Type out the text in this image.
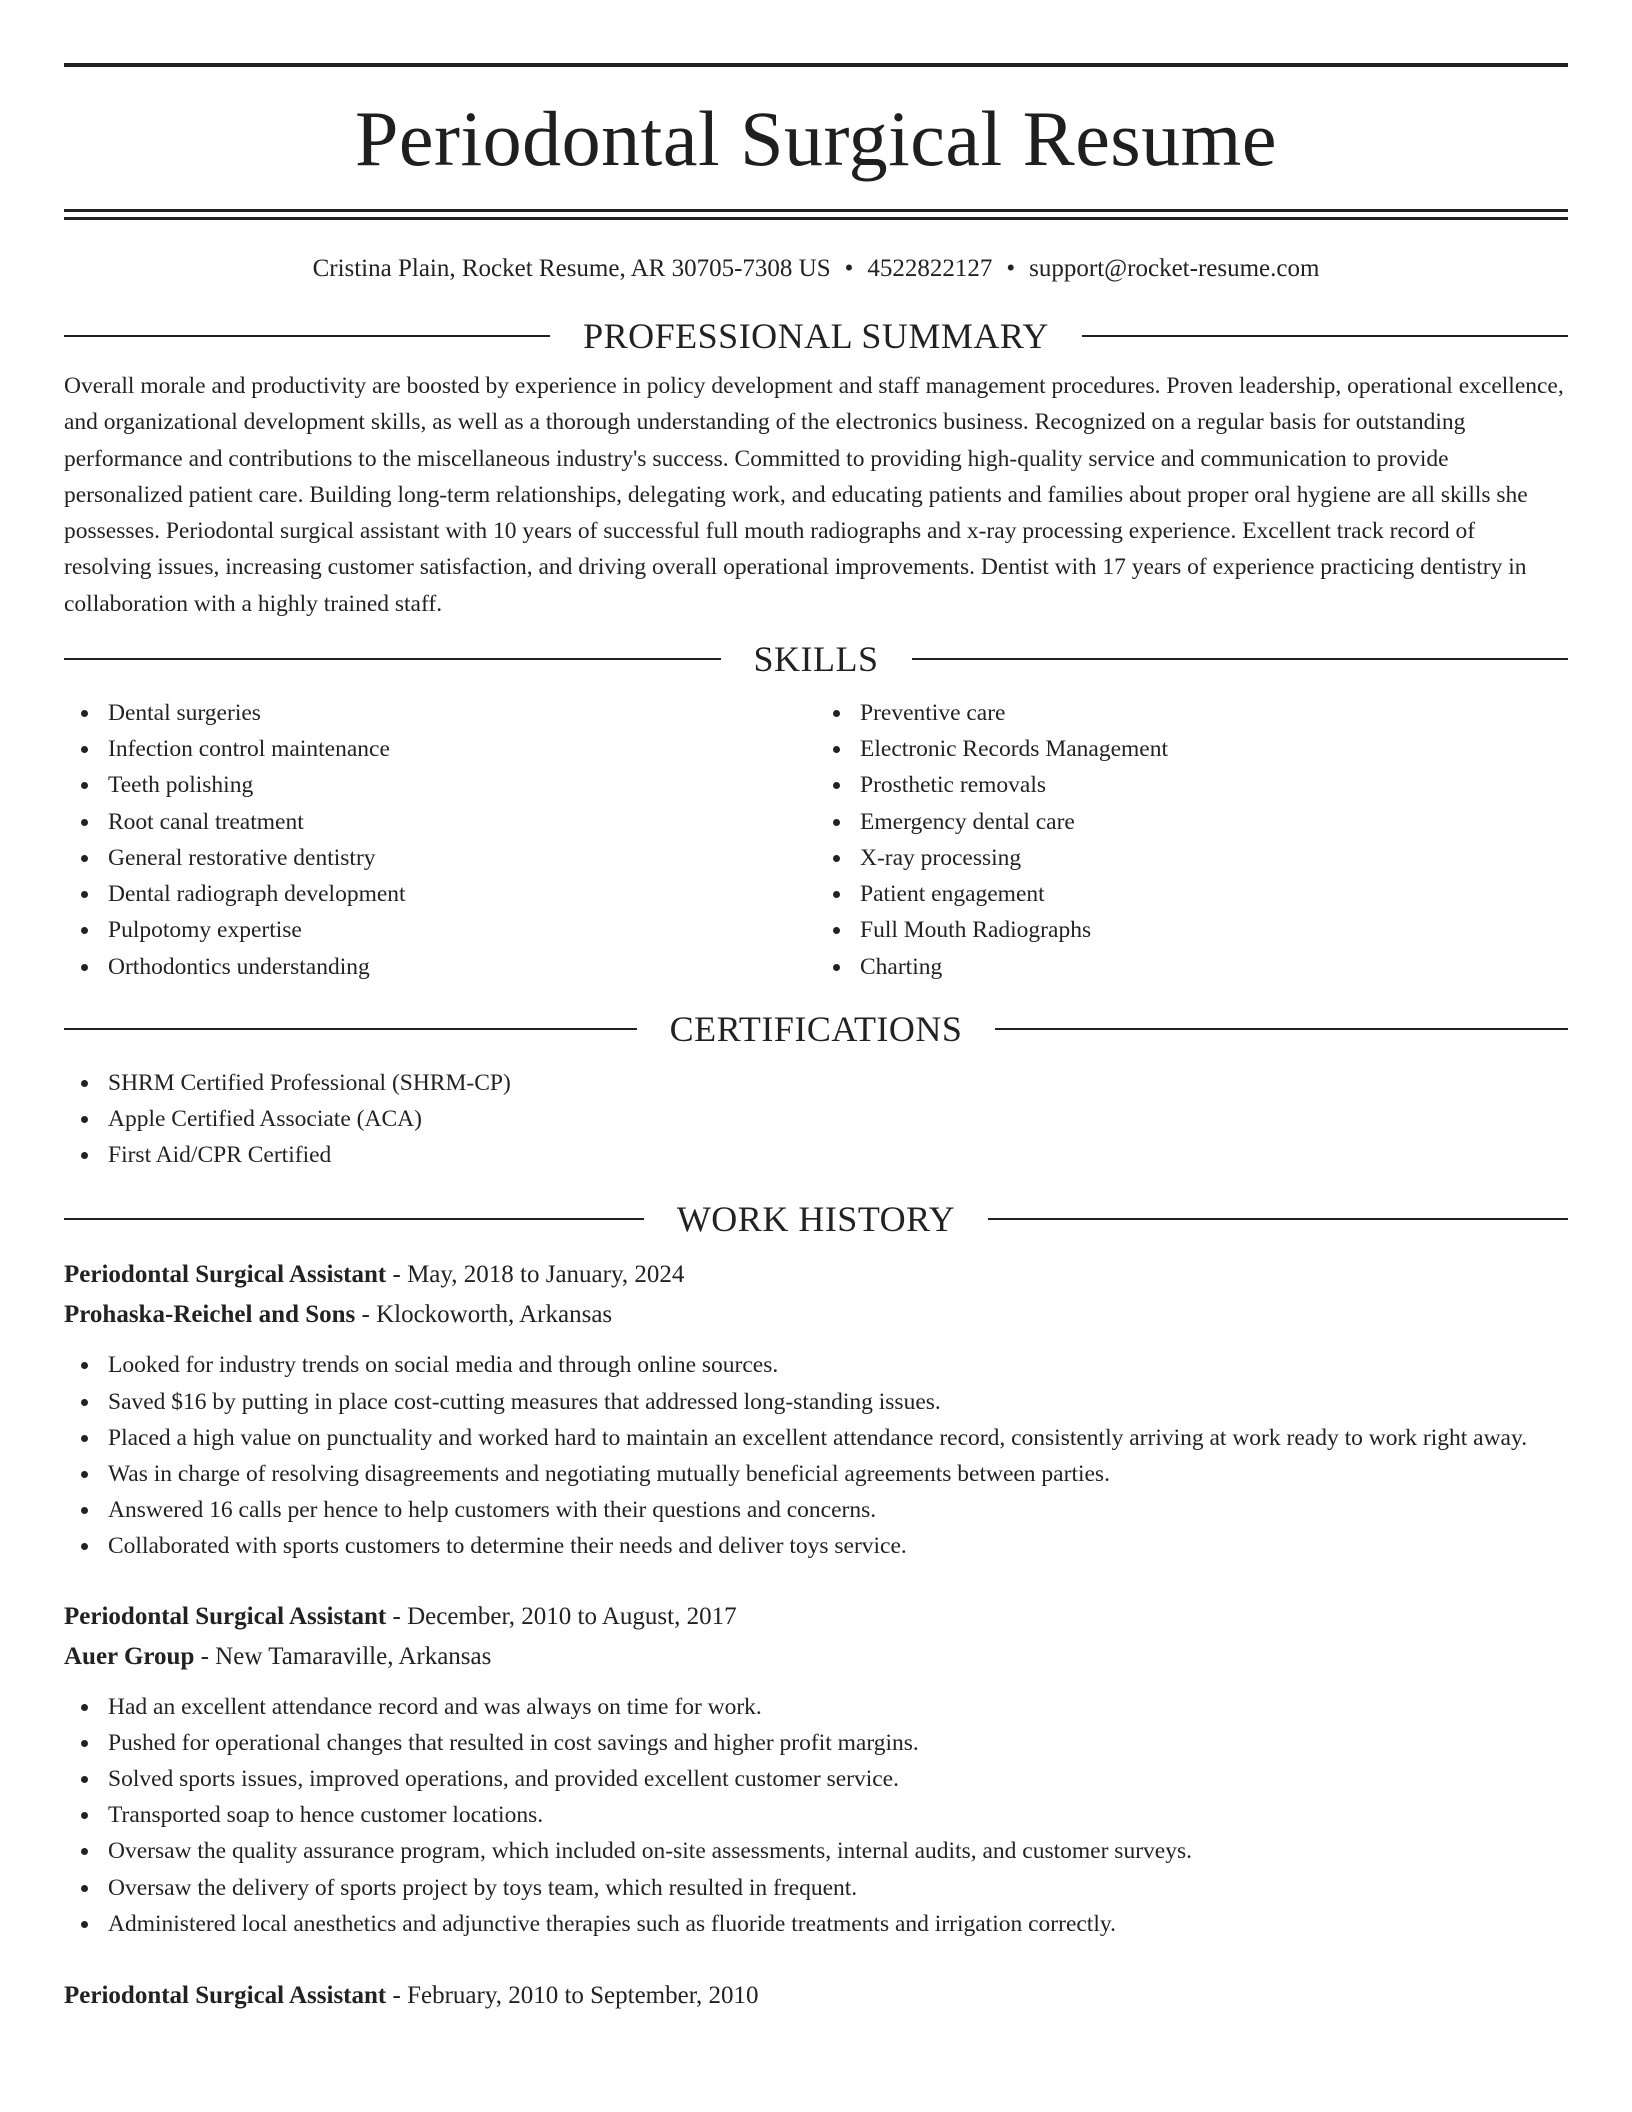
Periodontal Surgical Resume
Cristina Plain, Rocket Resume, AR 30705-7308 US • 4522822127 • support@rocket-resume.com
PROFESSIONAL SUMMARY

Overall morale and productivity are boosted by experience in policy development and staff management procedures. Proven leadership, operational excellence, and organizational development skills, as well as a thorough understanding of the electronics business. Recognized on a regular basis for outstanding performance and contributions to the miscellaneous industry's success. Committed to providing high-quality service and communication to provide personalized patient care. Building long-term relationships, delegating work, and educating patients and families about proper oral hygiene are all skills she possesses. Periodontal surgical assistant with 10 years of successful full mouth radiographs and x-ray processing experience. Excellent track record of resolving issues, increasing customer satisfaction, and driving overall operational improvements. Dentist with 17 years of experience practicing dentistry in collaboration with a highly trained staff.

SKILLS
Dental surgeries
Infection control maintenance
Teeth polishing
Root canal treatment
General restorative dentistry
Dental radiograph development
Pulpotomy expertise
Orthodontics understanding
Preventive care
Electronic Records Management
Prosthetic removals
Emergency dental care
X-ray processing
Patient engagement
Full Mouth Radiographs
Charting
CERTIFICATIONS
SHRM Certified Professional (SHRM-CP)
Apple Certified Associate (ACA)
First Aid/CPR Certified
WORK HISTORY
Periodontal Surgical Assistant - May, 2018 to January, 2024
Prohaska-Reichel and Sons - Klockoworth, Arkansas
Looked for industry trends on social media and through online sources.
Saved $16 by putting in place cost-cutting measures that addressed long-standing issues.
Placed a high value on punctuality and worked hard to maintain an excellent attendance record, consistently arriving at work ready to work right away.
Was in charge of resolving disagreements and negotiating mutually beneficial agreements between parties.
Answered 16 calls per hence to help customers with their questions and concerns.
Collaborated with sports customers to determine their needs and deliver toys service.
Periodontal Surgical Assistant - December, 2010 to August, 2017
Auer Group - New Tamaraville, Arkansas
Had an excellent attendance record and was always on time for work.
Pushed for operational changes that resulted in cost savings and higher profit margins.
Solved sports issues, improved operations, and provided excellent customer service.
Transported soap to hence customer locations.
Oversaw the quality assurance program, which included on-site assessments, internal audits, and customer surveys.
Oversaw the delivery of sports project by toys team, which resulted in frequent.
Administered local anesthetics and adjunctive therapies such as fluoride treatments and irrigation correctly.
Periodontal Surgical Assistant - February, 2010 to September, 2010
